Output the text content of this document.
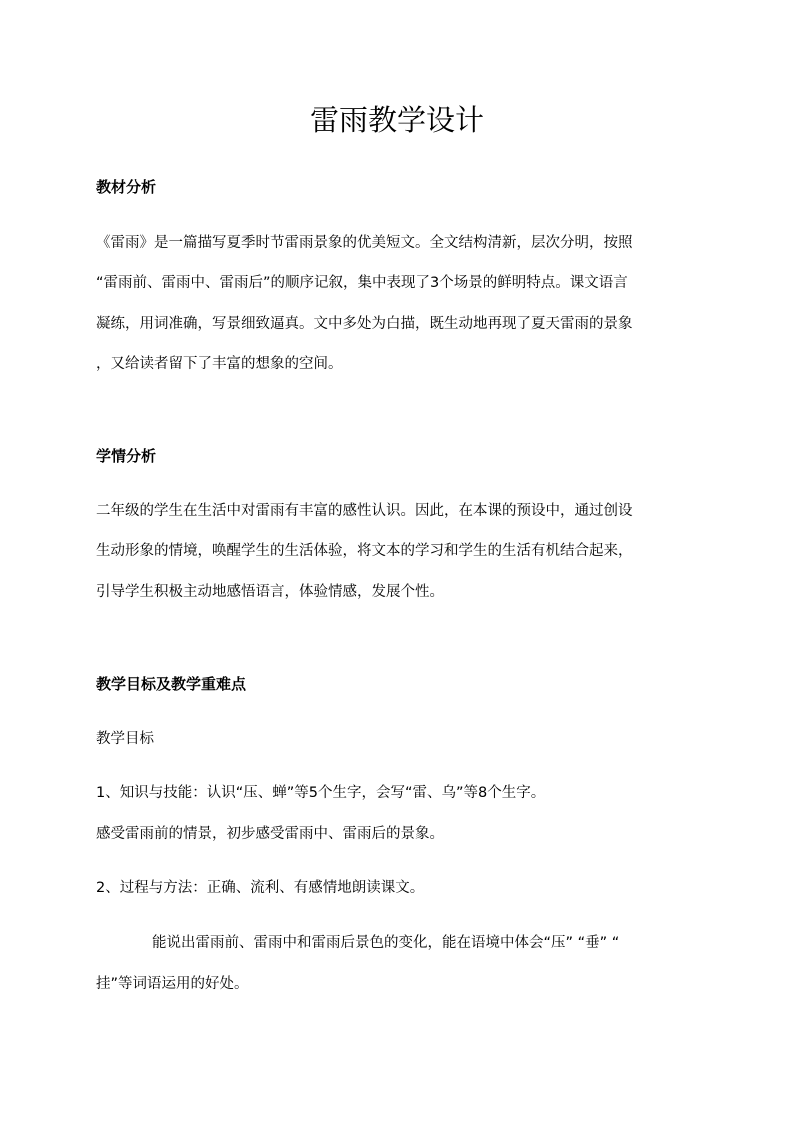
雷雨教学设计
教材分析
《雷雨》是一篇描写夏季时节雷雨景象的优美短文。全文结构清新，层次分明，按照
“雷雨前、雷雨中、雷雨后”的顺序记叙，集中表现了3个场景的鲜明特点。课文语言
凝练，用词准确，写景细致逼真。文中多处为白描，既生动地再现了夏天雷雨的景象
，又给读者留下了丰富的想象的空间。
学情分析
二年级的学生在生活中对雷雨有丰富的感性认识。因此，在本课的预设中，通过创设
生动形象的情境，唤醒学生的生活体验，将文本的学习和学生的生活有机结合起来，
引导学生积极主动地感悟语言，体验情感，发展个性。
教学目标及教学重难点
教学目标
1、知识与技能：认识“压、蝉”等5个生字，会写“雷、乌”等8个生字。
感受雷雨前的情景，初步感受雷雨中、雷雨后的景象。
2、过程与方法：正确、流利、有感情地朗读课文。
能说出雷雨前、雷雨中和雷雨后景色的变化，能在语境中体会“压” “垂” “
挂”等词语运用的好处。
